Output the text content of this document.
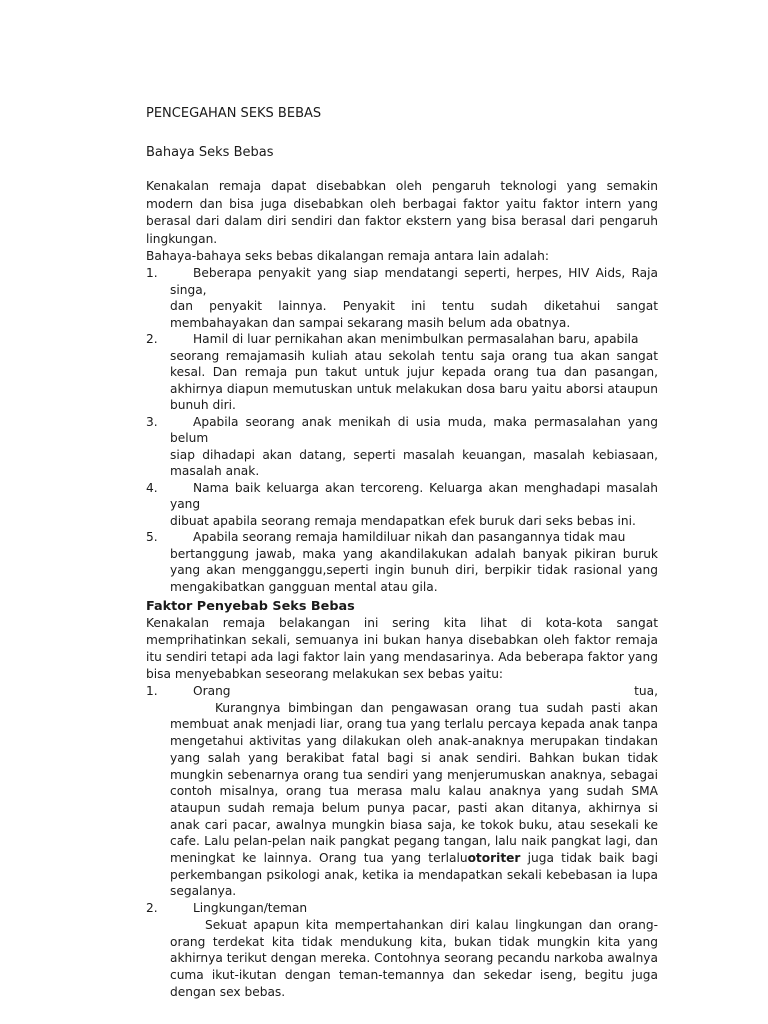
PENCEGAHAN SEKS BEBAS
Bahaya Seks Bebas

Kenakalan remaja dapat disebabkan oleh pengaruh teknologi yang semakin modern dan bisa juga disebabkan oleh berbagai faktor yaitu faktor intern yang berasal dari dalam diri sendiri dan faktor ekstern yang bisa berasal dari pengaruh lingkungan.

Bahaya-bahaya seks bebas dikalangan remaja antara lain adalah:

1.	Beberapa penyakit yang siap mendatangi seperti, herpes, HIV Aids, Raja singa,
dan penyakit lainnya. Penyakit ini tentu sudah diketahui sangat membahayakan dan sampai sekarang masih belum ada obatnya.
2.	Hamil di luar pernikahan akan menimbulkan permasalahan baru, apabila
seorang remajamasih kuliah atau sekolah tentu saja orang tua akan sangat kesal. Dan remaja pun takut untuk jujur kepada orang tua dan pasangan, akhirnya diapun memutuskan untuk melakukan dosa baru yaitu aborsi ataupun bunuh diri.
3.	Apabila seorang anak menikah di usia muda, maka permasalahan yang belum
siap dihadapi akan datang, seperti masalah keuangan, masalah kebiasaan, masalah anak.
4.	Nama baik keluarga akan tercoreng. Keluarga akan menghadapi masalah yang
dibuat apabila seorang remaja mendapatkan efek buruk dari seks bebas ini.
5.	Apabila seorang remaja hamildiluar nikah dan pasangannya tidak mau
bertanggung jawab, maka yang akandilakukan adalah banyak pikiran buruk yang akan mengganggu,seperti ingin bunuh diri, berpikir tidak rasional yang mengakibatkan gangguan mental atau gila.
Faktor Penyebab Seks Bebas

Kenakalan remaja belakangan ini sering kita lihat di kota-kota sangat memprihatinkan sekali, semuanya ini bukan hanya disebabkan oleh faktor remaja itu sendiri tetapi ada lagi faktor lain yang mendasarinya. Ada beberapa faktor yang bisa menyebabkan seseorang melakukan sex bebas yaitu:

1.	Orang	tua,
Kurangnya bimbingan dan pengawasan orang tua sudah pasti akan membuat anak menjadi liar, orang tua yang terlalu percaya kepada anak tanpa mengetahui aktivitas yang dilakukan oleh anak-anaknya merupakan tindakan yang salah yang berakibat fatal bagi si anak sendiri. Bahkan bukan tidak mungkin sebenarnya orang tua sendiri yang menjerumuskan anaknya, sebagai contoh misalnya, orang tua merasa malu kalau anaknya yang sudah SMA ataupun sudah remaja belum punya pacar, pasti akan ditanya, akhirnya si anak cari pacar, awalnya mungkin biasa saja, ke tokok buku, atau sesekali ke cafe. Lalu pelan-pelan naik pangkat pegang tangan, lalu naik pangkat lagi, dan meningkat ke lainnya. Orang tua yang terlaluotoriter juga tidak baik bagi perkembangan psikologi anak, ketika ia mendapatkan sekali kebebasan ia lupa segalanya.
2.	Lingkungan/teman
Sekuat apapun kita mempertahankan diri kalau lingkungan dan orang-orang terdekat kita tidak mendukung kita, bukan tidak mungkin kita yang akhirnya terikut dengan mereka. Contohnya seorang pecandu narkoba awalnya cuma ikut-ikutan dengan teman-temannya dan sekedar iseng, begitu juga dengan sex bebas.
